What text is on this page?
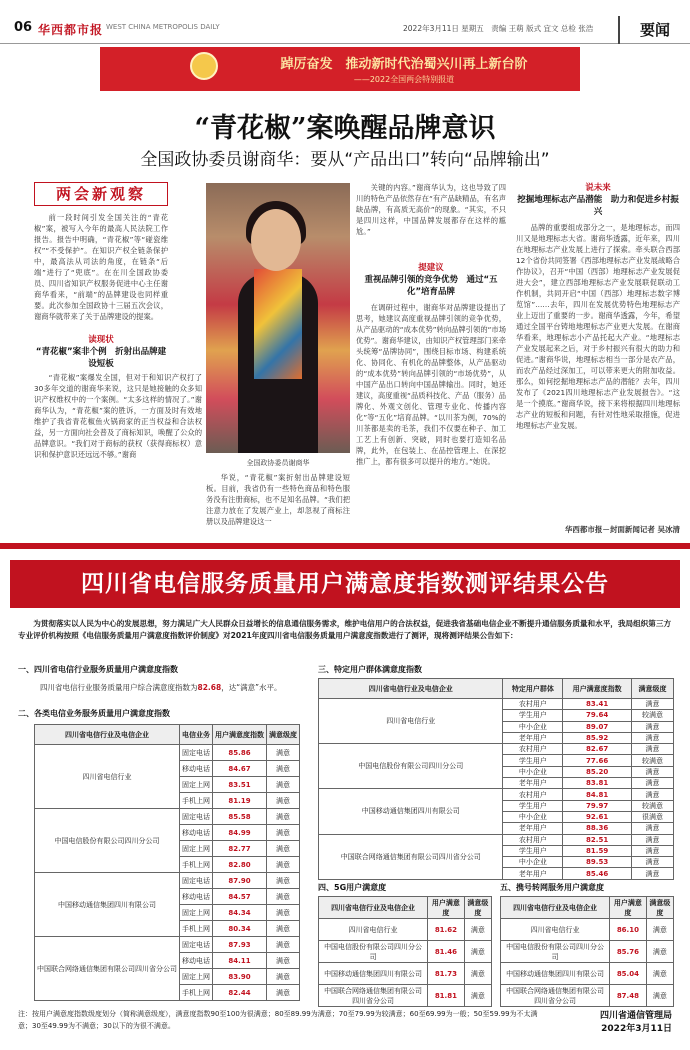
06 华西都市报 WEST CHINA METROPOLIS DAILY	2022年3月11日 星期五　 责编 王萌 版式 宜文 总检 张浩	要闻
踔厉奋发　推动新时代治蜀兴川再上新台阶
——2022全国两会特别报道
“青花椒”案唤醒品牌意识
全国政协委员谢商华：要从“产品出口”转向“品牌输出”
两会新观察

前一段时间引发全国关注的“青花椒”案，被写入今年的最高人民法院工作报告。报告中明确，“青花椒”等“碰瓷维权”“不受保护”。在知识产权全链条保护中，最高法从司法的角度，在链条“后端”进行了“兜底”。在在川全国政协委员、四川省知识产权服务促进中心主任谢商华看来，“前端”的品牌建设也同样重要。此次参加全国政协十三届五次会议，谢商华就带来了关于品牌建设的提案。

读现状
“青花椒”案非个例　折射出品牌建设短板

“青花椒”案爆发全国，但对于和知识产权打了30多年交道的谢商华来说，这只是她接触的众多知识产权维权中的一个案例。“太多这样的情况了。”谢商华认为，“青花椒”案的胜诉，一方面及时有效地维护了我省青花椒鱼火锅商家的正当权益和合法权益，另一方面向社会普及了商标知识，唤醒了公众的品牌意识。“我们对于商标的获权（获得商标权）意识和保护意识还远远不够。”谢商

全国政协委员谢商华

华说，“青花椒”案折射出品牌建设短板。目前，我省仍有一些特色商品和特色服务没有注册商标，也不足知名品牌。“我们把注意力放在了发展产业上，却忽视了商标注册以及品牌建设这一

关键的内容。”谢商华认为，这也导致了四川的特色产品依然存在“有产品缺精品，有名声缺品牌，有高质无高价”的现象。“其实，不只是四川这样，中国品牌发展都存在这样的尴尬。”

提建议
重视品牌引领的竞争优势　通过“五化”培育品牌

在调研过程中，谢商华对品牌建设提出了思考，她建议高度重视品牌引领的竞争优势，从产品驱动的“成本优势”转向品牌引领的“市场优势”。谢商华建议，由知识产权管理部门来牵头统筹“品牌协同”，围绕目标市场、构建系统化、协同化、有机化的品牌整体，从产品驱动的“成本优势”转向品牌引领的“市场优势”，从中国产品出口转向中国品牌输出。同时，她还建议，高度重视“品质科技化、产品（服务）品牌化、外观文创化、管理专业化、传播内容化”等“五化”培育品牌。“以川茶为例，70%的川茶都是卖的毛茶，我们不仅要在种子、加工工艺上有创新、突破，同时也要打造知名品牌，此外，在包装上、在品控管理上、在深挖推广上，都有很多可以提升的地方。”她说。

说未来
挖掘地理标志产品潜能　助力和促进乡村振兴

品牌的重要组成部分之一，是地理标志，而四川又是地理标志大省。谢商华透露，近年来，四川在地理标志产业发展上进行了探索。牵头联合西部12个省份共同签署《西部地理标志产业发展战略合作协议》，召开“中国（西部）地理标志产业发展促进大会”，建立西部地理标志产业发展联促联动工作机制，共同开启“中国（西部）地理标志数字博览馆”……去年，四川在发展优势特色地理标志产业上迈出了重要的一步。谢商华透露，今年，希望通过全国平台铸地地理标志产业更大发展。在谢商华看来，地理标志小产品托起大产业。“地理标志产业发展起来之后，对于乡村振兴有很大的助力和促进。”谢商华说，地理标志相当一部分是农产品，而农产品经过深加工，可以带来更大的附加收益。那么，如何挖掘地理标志产品的潜能？去年，四川发布了《2021四川地理标志产业发展报告》。“这是一个摸底。”谢商华说，接下来将根据四川地理标志产业的短板和问题，有针对性地采取措施，促进地理标志产业发展。

华西都市报－封面新闻记者 吴冰清
四川省电信服务质量用户满意度指数测评结果公告
为贯彻落实以人民为中心的发展思想，努力满足广大人民群众日益增长的信息通信服务需求，维护电信用户的合法权益，促进我省基础电信企业不断提升通信服务质量和水平，我局组织第三方专业评价机构按照《电信服务质量用户满意度指数评价制度》对2021年度四川省电信服务质量用户满意度指数进行了测评，现将测评结果公告如下：
一、四川省电信行业服务质量用户满意度指数
四川省电信行业服务质量用户综合满意度指数为82.68，达“满意”水平。
二、各类电信业务服务质量用户满意度指数
四川省电信行业及电信企业	电信业务	用户满意度指数	满意级度
四川省电信行业	固定电话	85.86	满意
	移动电话	84.67	满意
	固定上网	83.51	满意
	手机上网	81.19	满意
中国电信股份有限公司四川分公司	固定电话	85.58	满意
	移动电话	84.99	满意
	固定上网	82.77	满意
	手机上网	82.80	满意
中国移动通信集团四川有限公司	固定电话	87.90	满意
	移动电话	84.57	满意
	固定上网	84.34	满意
	手机上网	80.34	满意
中国联合网络通信集团有限公司四川省分公司	固定电话	87.93	满意
	移动电话	84.11	满意
	固定上网	83.90	满意
	手机上网	82.44	满意
三、特定用户群体满意度指数
四川省电信行业及电信企业	特定用户群体	用户满意度指数	满意级度
四川省电信行业	农村用户	83.41	满意
	学生用户	79.64	较满意
	中小企业	89.07	满意
	老年用户	85.92	满意
中国电信股份有限公司四川分公司	农村用户	82.67	满意
	学生用户	77.66	较满意
	中小企业	85.20	满意
	老年用户	83.81	满意
中国移动通信集团四川有限公司	农村用户	84.81	满意
	学生用户	79.97	较满意
	中小企业	92.61	很满意
	老年用户	88.36	满意
中国联合网络通信集团有限公司四川省分公司	农村用户	82.51	满意
	学生用户	81.59	满意
	中小企业	89.53	满意
	老年用户	85.46	满意
四、5G用户满意度
四川省电信行业及电信企业	用户满意度	满意级度
四川省电信行业	81.62	满意
中国电信股份有限公司四川分公司	81.46	满意
中国移动通信集团四川有限公司	81.73	满意
中国联合网络通信集团有限公司四川省分公司	81.81	满意
五、携号转网服务用户满意度
四川省电信行业及电信企业	用户满意度	满意级度
四川省电信行业	86.10	满意
中国电信股份有限公司四川分公司	85.76	满意
中国移动通信集团四川有限公司	85.04	满意
中国联合网络通信集团有限公司四川省分公司	87.48	满意
注：按用户满意度指数级度划分（简称满意级度），满意度指数90至100为很满意；80至89.99为满意；70至79.99为较满意；60至69.99为一般；50至59.99为不太满意；30至49.99为不满意；30以下的为很不满意。
四川省通信管理局
2022年3月11日
